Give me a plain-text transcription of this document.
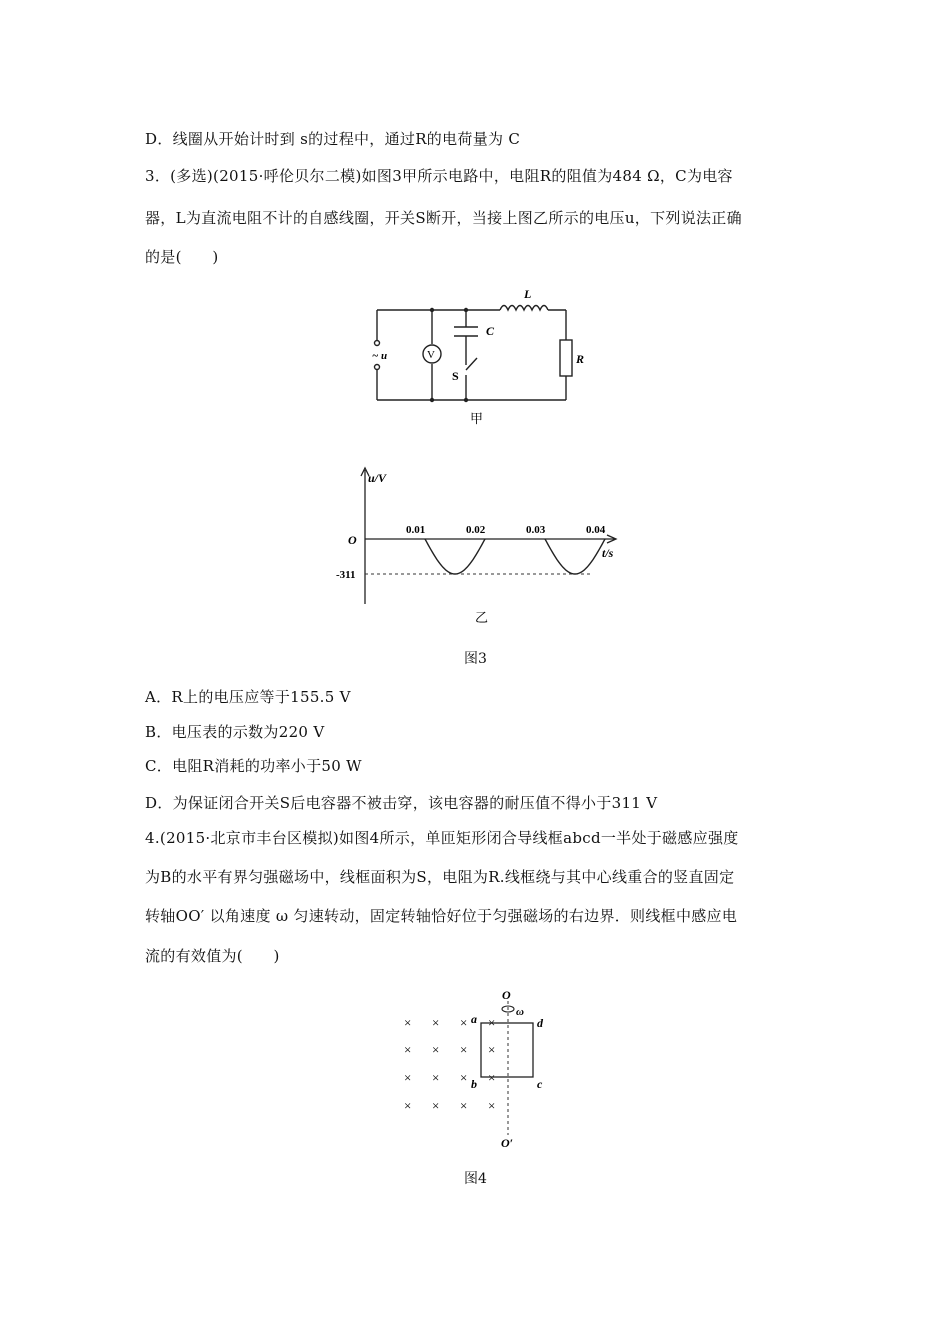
D．线圈从开始计时到 s的过程中，通过R的电荷量为 C
3．(多选)(2015·呼伦贝尔二模)如图3甲所示电路中，电阻R的阻值为484 Ω，C为电容
器，L为直流电阻不计的自感线圈，开关S断开，当接上图乙所示的电压u，下列说法正确
的是(　　)
V
~ u
C
S
L
R
甲
u/V
t/s
O
-311
0.01	0.02	0.03	0.04
乙
图3
A．R上的电压应等于155.5 V
B．电压表的示数为220 V
C．电阻R消耗的功率小于50 W
D．为保证闭合开关S后电容器不被击穿，该电容器的耐压值不得小于311 V
4.(2015·北京市丰台区模拟)如图4所示，单匝矩形闭合导线框abcd一半处于磁感应强度
为B的水平有界匀强磁场中，线框面积为S，电阻为R.线框绕与其中心线重合的竖直固定
转轴OO′ 以角速度 ω 匀速转动，固定转轴恰好位于匀强磁场的右边界．则线框中感应电
流的有效值为(　　)
× × × ×
× × × ×
× × × ×
× × × ×
O
ω
O′
a
b	c
d
图4
